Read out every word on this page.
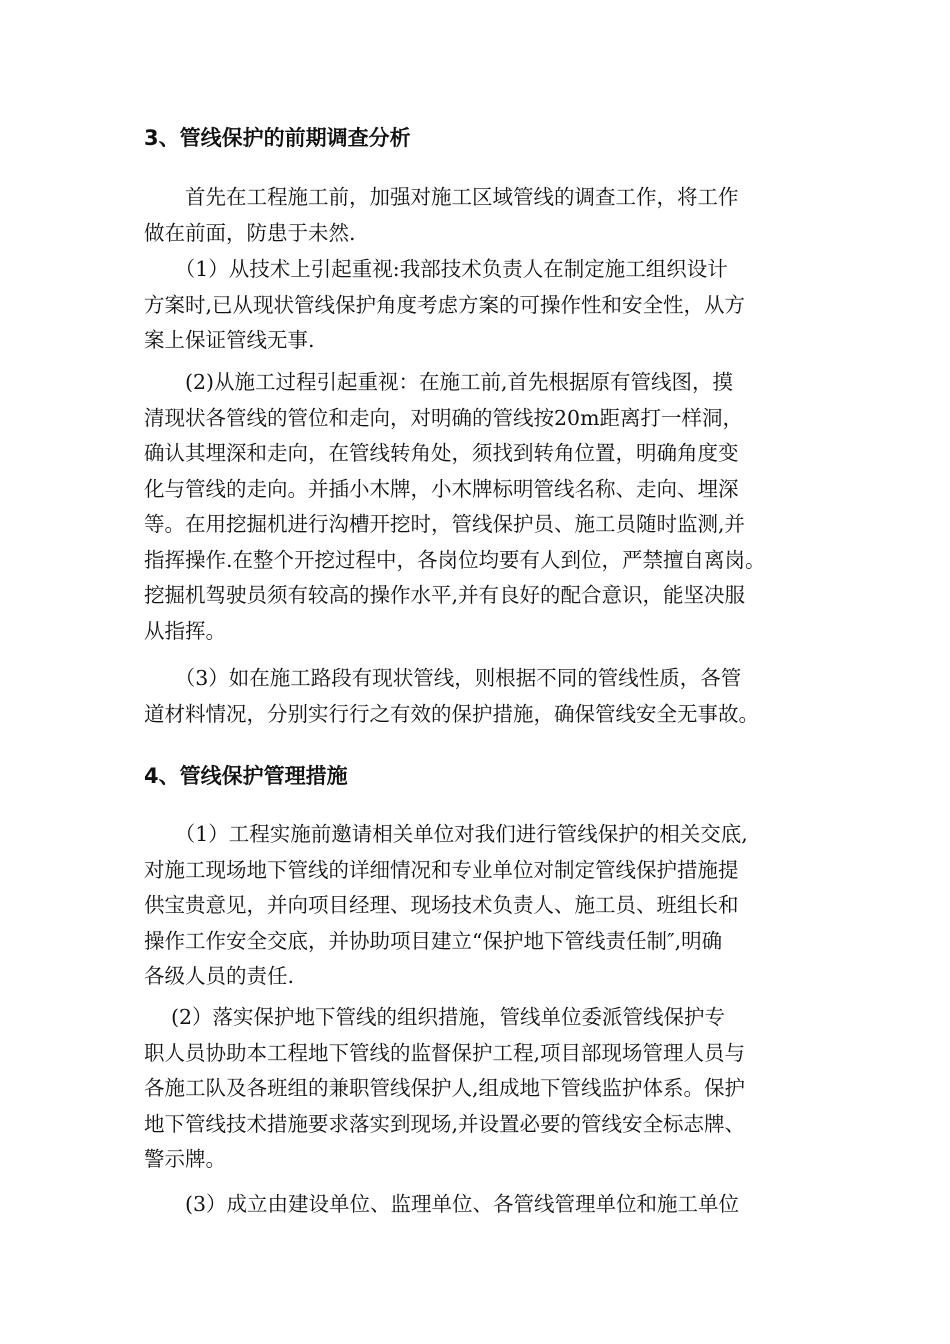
3、管线保护的前期调查分析
　　首先在工程施工前，加强对施工区域管线的调查工作，将工作
做在前面，防患于未然.
　　（1）从技术上引起重视:我部技术负责人在制定施工组织设计
方案时,已从现状管线保护角度考虑方案的可操作性和安全性，从方
案上保证管线无事.
　　(2)从施工过程引起重视：在施工前,首先根据原有管线图，摸
清现状各管线的管位和走向，对明确的管线按20m距离打一样洞，
确认其埋深和走向，在管线转角处，须找到转角位置，明确角度变
化与管线的走向。并插小木牌，小木牌标明管线名称、走向、埋深
等。在用挖掘机进行沟槽开挖时，管线保护员、施工员随时监测,并
指挥操作.在整个开挖过程中，各岗位均要有人到位，严禁擅自离岗。
挖掘机驾驶员须有较高的操作水平,并有良好的配合意识，能坚决服
从指挥。
　　（3）如在施工路段有现状管线，则根据不同的管线性质，各管
道材料情况，分别实行行之有效的保护措施，确保管线安全无事故。
4、管线保护管理措施
　　（1）工程实施前邀请相关单位对我们进行管线保护的相关交底,
对施工现场地下管线的详细情况和专业单位对制定管线保护措施提
供宝贵意见，并向项目经理、现场技术负责人、施工员、班组长和
操作工作安全交底，并协助项目建立“保护地下管线责任制″,明确
各级人员的责任.
　 (2）落实保护地下管线的组织措施，管线单位委派管线保护专
职人员协助本工程地下管线的监督保护工程,项目部现场管理人员与
各施工队及各班组的兼职管线保护人,组成地下管线监护体系。保护
地下管线技术措施要求落实到现场,并设置必要的管线安全标志牌、
警示牌。
　　(3）成立由建设单位、监理单位、各管线管理单位和施工单位
